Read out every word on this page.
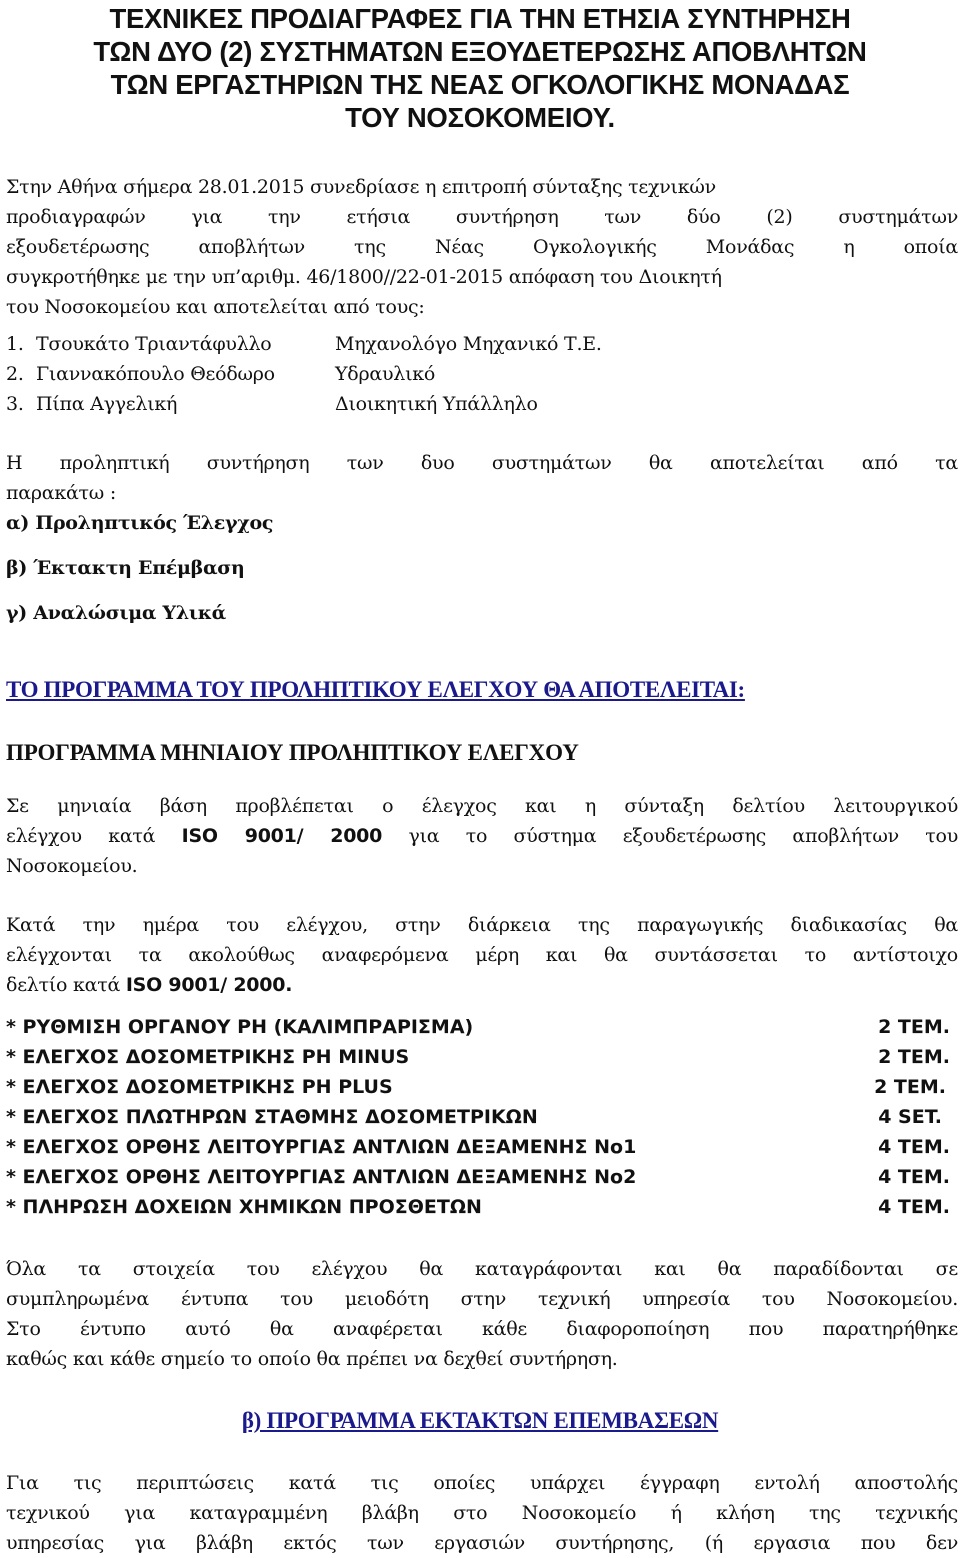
ΤΕΧΝΙΚΕΣ ΠΡΟΔΙΑΓΡΑΦΕΣ ΓΙΑ ΤΗΝ ΕΤΗΣΙΑ ΣΥΝΤΗΡΗΣΗ
ΤΩΝ ΔΥΟ (2) ΣΥΣΤΗΜΑΤΩΝ ΕΞΟΥΔΕΤΕΡΩΣΗΣ ΑΠΟΒΛΗΤΩΝ
ΤΩΝ ΕΡΓΑΣΤΗΡΙΩΝ ΤΗΣ ΝΕΑΣ ΟΓΚΟΛΟΓΙΚΗΣ ΜΟΝΑΔΑΣ
ΤΟΥ ΝΟΣΟΚΟΜΕΙΟΥ.
Στην Αθήνα σήμερα 28.01.2015 συνεδρίασε η επιτροπή σύνταξης τεχνικών
προδιαγραφών για την ετήσια συντήρηση των δύο (2) συστημάτων
εξουδετέρωσης αποβλήτων της Νέας Ογκολογικής Μονάδας η οποία
συγκροτήθηκε με την υπ’αριθμ. 46/1800//22-01-2015 απόφαση του Διοικητή
του Νοσοκομείου και αποτελείται από τους:
1. Τσουκάτο Τριαντάφυλλο	Μηχανολόγο Μηχανικό Τ.Ε.
2. Γιαννακόπουλο Θεόδωρο	Υδραυλικό
3. Πίπα Αγγελική	Διοικητική Υπάλληλο
Η προληπτική συντήρηση των δυο συστημάτων θα αποτελείται από τα
παρακάτω :
α) Προληπτικός Έλεγχος
β) Έκτακτη Επέμβαση
γ) Αναλώσιμα Υλικά
ΤΟ ΠΡΟΓΡΑΜΜΑ ΤΟΥ ΠΡΟΛΗΠΤΙΚΟΥ ΕΛΕΓΧΟΥ ΘΑ ΑΠΟΤΕΛΕΙΤΑΙ:
ΠΡΟΓΡΑΜΜΑ ΜΗΝΙΑΙΟΥ ΠΡΟΛΗΠΤΙΚΟΥ ΕΛΕΓΧΟΥ
Σε μηνιαία βάση προβλέπεται ο έλεγχος και η σύνταξη δελτίου λειτουργικού
ελέγχου κατά ISO 9001/ 2000 για το σύστημα εξουδετέρωσης αποβλήτων του
Νοσοκομείου.
Κατά την ημέρα του ελέγχου, στην διάρκεια της παραγωγικής διαδικασίας θα
ελέγχονται τα ακολούθως αναφερόμενα μέρη και θα συντάσσεται το αντίστοιχο
δελτίο κατά ISO 9001/ 2000.
* ΡΥΘΜΙΣΗ ΟΡΓΑΝΟΥ PH (ΚΑΛΙΜΠΡΑΡΙΣΜΑ)	2 ΤΕΜ.
* ΕΛΕΓΧΟΣ ΔΟΣΟΜΕΤΡΙΚΗΣ PH MINUS	2 ΤΕΜ.
* ΕΛΕΓΧΟΣ ΔΟΣΟΜΕΤΡΙΚΗΣ PH PLUS	2 ΤΕΜ.
* ΕΛΕΓΧΟΣ ΠΛΩΤΗΡΩΝ ΣΤΑΘΜΗΣ ΔΟΣΟΜΕΤΡΙΚΩΝ	4 SET.
* ΕΛΕΓΧΟΣ ΟΡΘΗΣ ΛΕΙΤΟΥΡΓΙΑΣ ΑΝΤΛΙΩΝ ΔΕΞΑΜΕΝΗΣ Νο1	4 ΤΕΜ.
* ΕΛΕΓΧΟΣ ΟΡΘΗΣ ΛΕΙΤΟΥΡΓΙΑΣ ΑΝΤΛΙΩΝ ΔΕΞΑΜΕΝΗΣ Νο2	4 ΤΕΜ.
* ΠΛΗΡΩΣΗ ΔΟΧΕΙΩΝ ΧΗΜΙΚΩΝ ΠΡΟΣΘΕΤΩΝ	4 ΤΕΜ.
Όλα τα στοιχεία του ελέγχου θα καταγράφονται και θα παραδίδονται σε
συμπληρωμένα έντυπα του μειοδότη στην τεχνική υπηρεσία του Νοσοκομείου.
Στο έντυπο αυτό θα αναφέρεται κάθε διαφοροποίηση που παρατηρήθηκε
καθώς και κάθε σημείο το οποίο θα πρέπει να δεχθεί συντήρηση.
β) ΠΡΟΓΡΑΜΜΑ ΕΚΤΑΚΤΩΝ ΕΠΕΜΒΑΣΕΩΝ
Για τις περιπτώσεις κατά τις οποίες υπάρχει έγγραφη εντολή αποστολής
τεχνικού για καταγραμμένη βλάβη στο Νοσοκομείο ή κλήση της τεχνικής
υπηρεσίας για βλάβη εκτός των εργασιών συντήρησης, (ή εργασια που δεν
